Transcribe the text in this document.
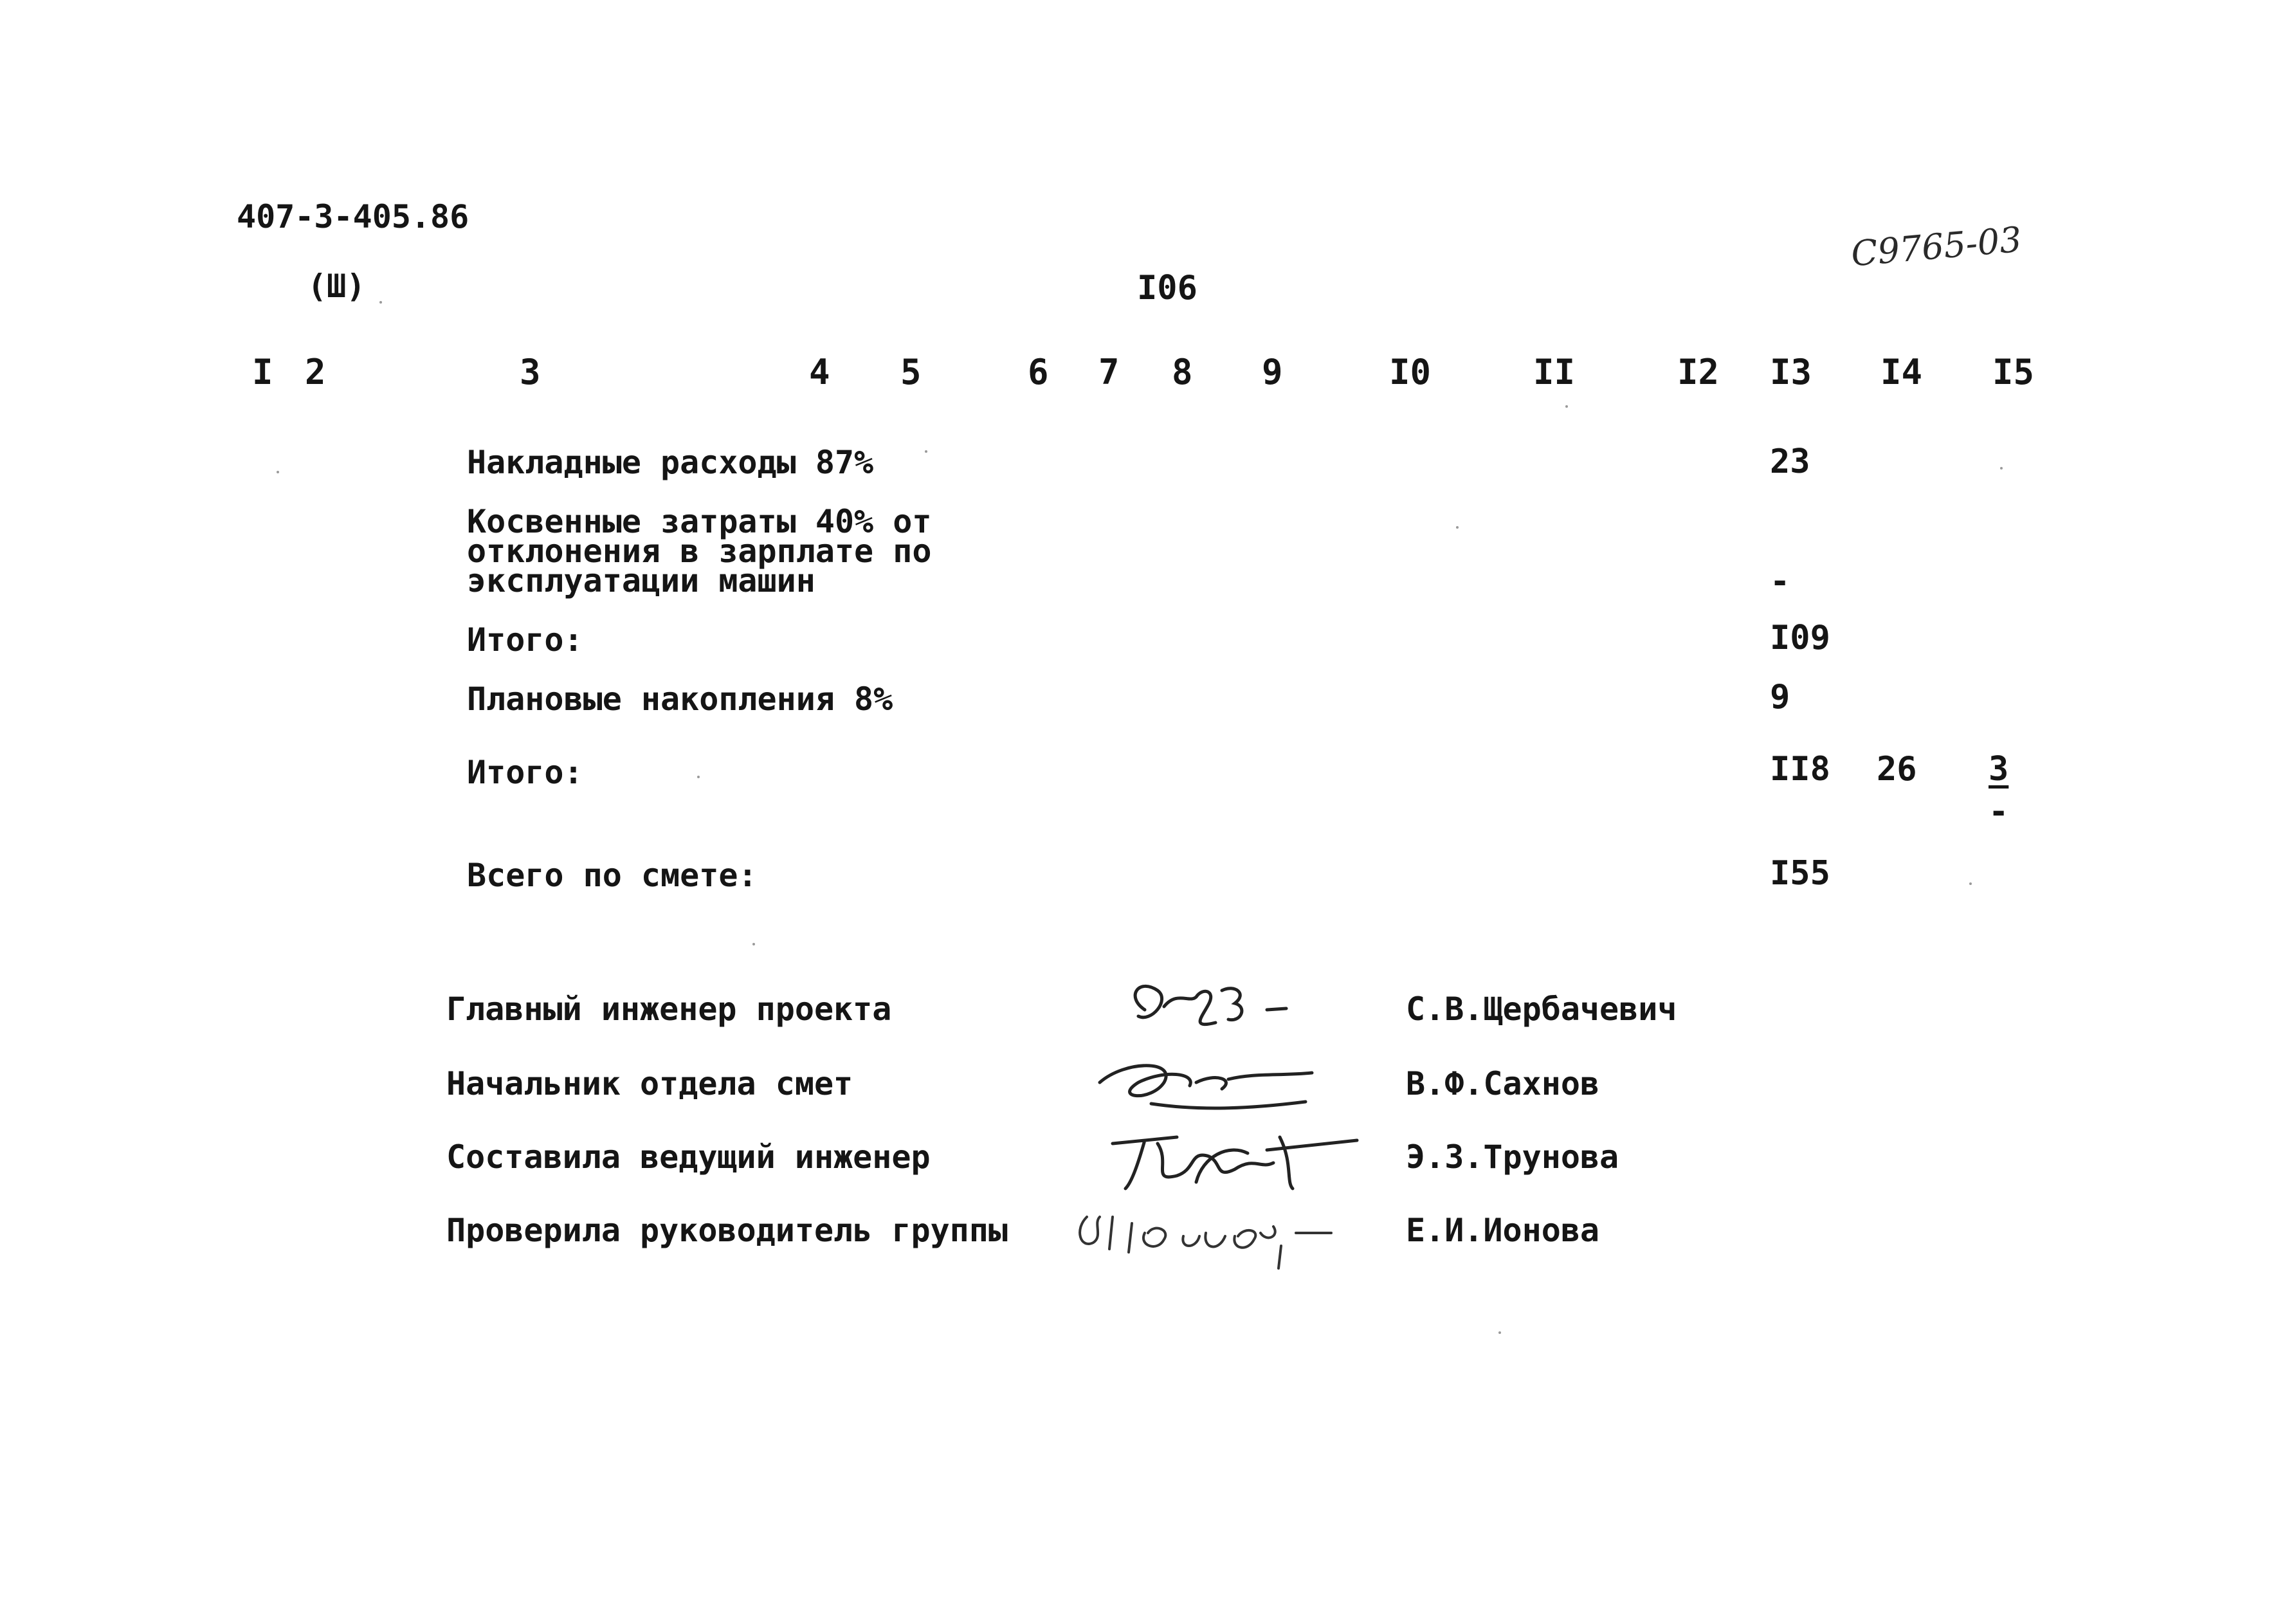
407-3-405.86
(Ш)	I06
С9765-03
I 2	3	4 5	6 7 8 9	I0	II	I2 I3 I4 I5
Накладные расходы 87%	23
Косвенные затраты 40% от
отклонения в зарплате по
эксплуатации машин	-
Итого:	I09
Плановые накопления 8%	9
Итого:	II8 26 3
-
Всего по смете:	I55
Главный инженер проекта	С.В.Щербачевич
Начальник отдела смет	В.Ф.Сахнов
Составила ведущий инженер	Э.З.Трунова
Проверила руководитель группы	Е.И.Ионова
